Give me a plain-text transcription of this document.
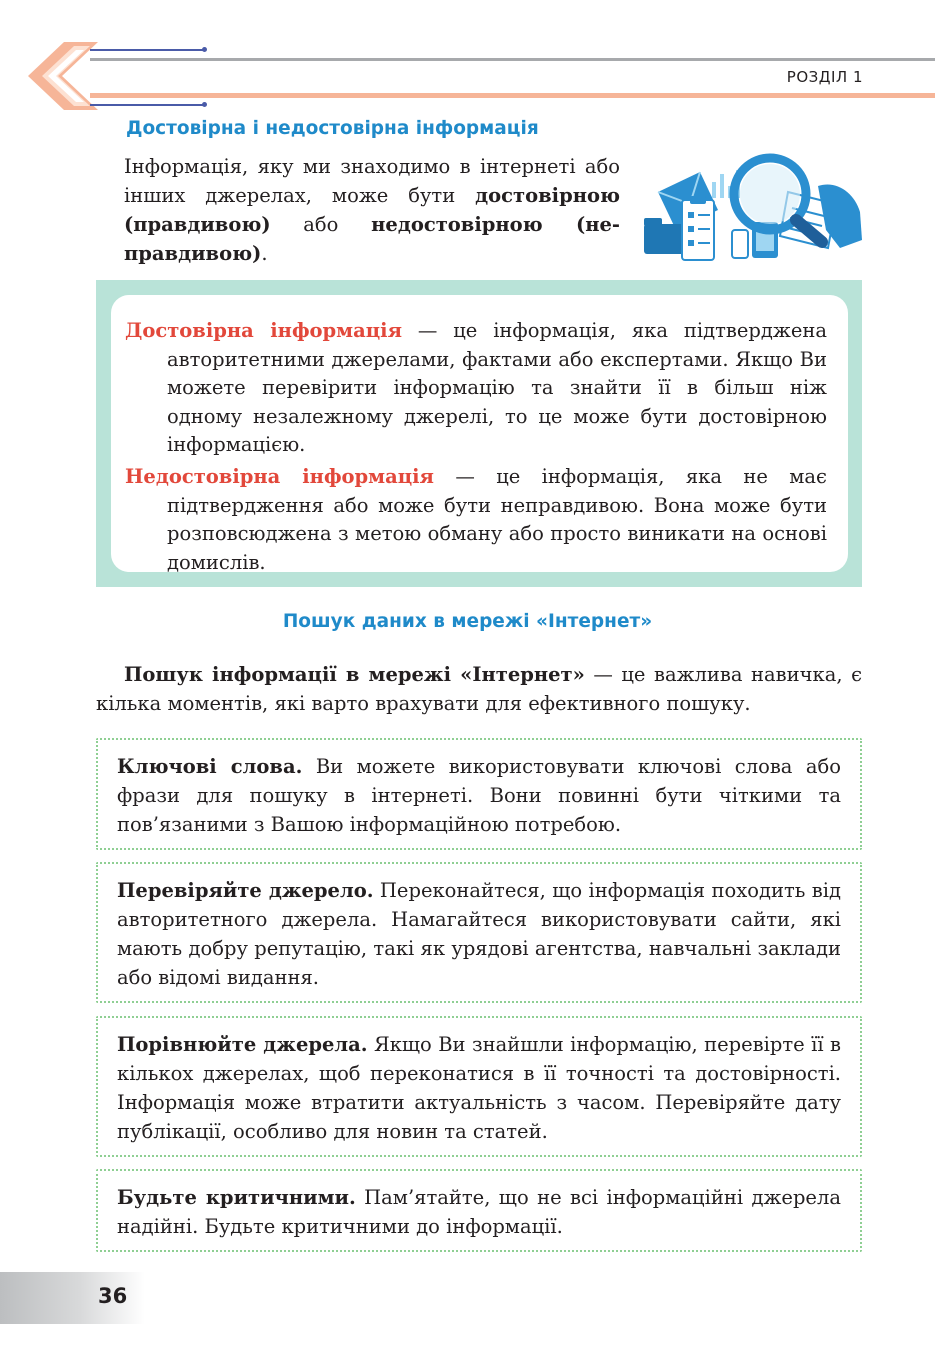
РОЗДІЛ 1
Достовірна і недостовірна інформація
Інформація, яку ми знаходимо в інтернеті або інших джерелах, може бути достовірною (правдивою) або недостовірною (неправдивою).
Достовірна інформація — це інформація, яка підтверджена авторитетними джерелами, фактами або експертами. Якщо Ви можете перевірити інформацію та знайти її в більш ніж одному незалежному джерелі, то це може бути достовірною інформацією.
Недостовірна інформація — це інформація, яка не має підтвердження або може бути неправдивою. Вона може бути розповсюджена з метою обману або просто виникати на основі домислів.
Пошук даних в мережі «Інтернет»
Пошук інформації в мережі «Інтернет» — це важлива навичка, є кілька моментів, які варто врахувати для ефективного пошуку.

Ключові слова. Ви можете використовувати ключові слова або фрази для пошуку в інтернеті. Вони повинні бути чіткими та пов’язаними з Вашою інформаційною потребою.

Перевіряйте джерело. Переконайтеся, що інформація походить від авторитетного джерела. Намагайтеся використовувати сайти, які мають добру репутацію, такі як урядові агентства, навчальні заклади або відомі видання.

Порівнюйте джерела. Якщо Ви знайшли інформацію, перевірте її в кількох джерелах, щоб переконатися в її точності та достовірності. Інформація може втратити актуальність з часом. Перевіряйте дату публікації, особливо для новин та статей.

Будьте критичними. Пам’ятайте, що не всі інформаційні джерела надійні. Будьте критичними до інформації.

36
